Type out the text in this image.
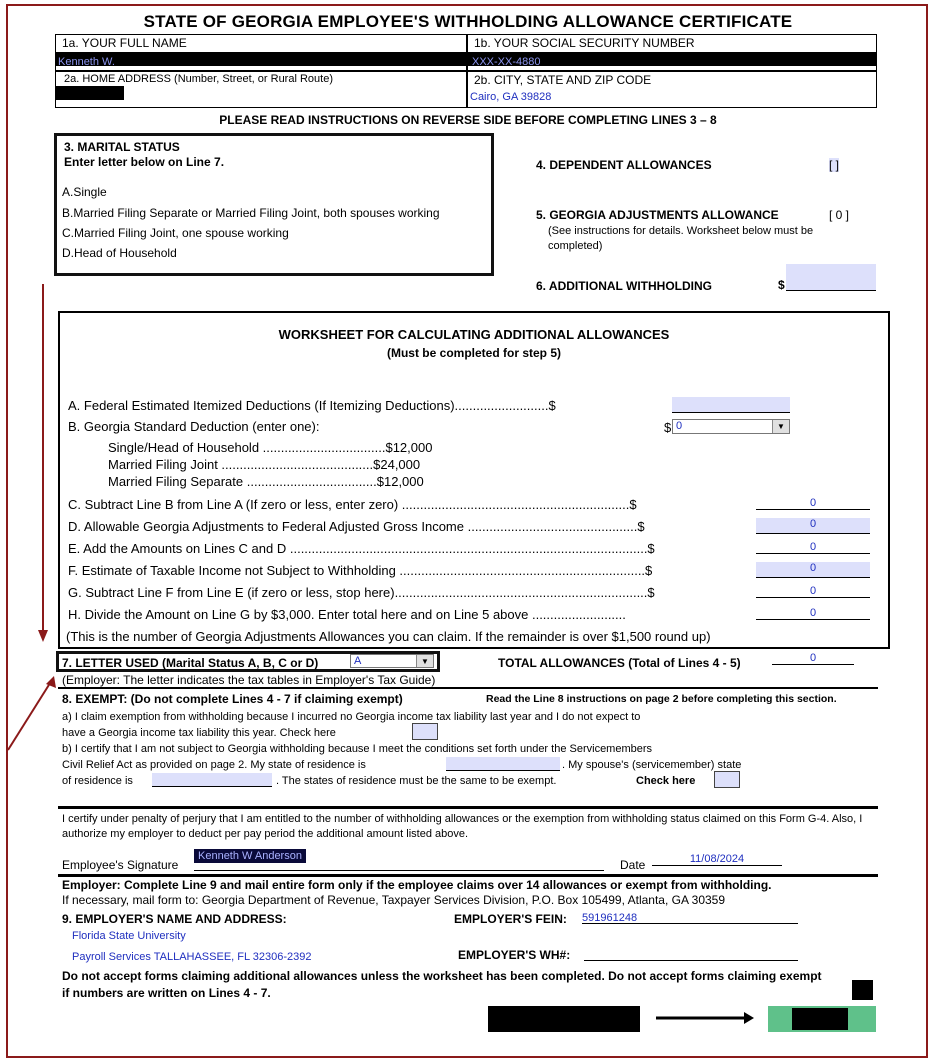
STATE OF GEORGIA EMPLOYEE'S WITHHOLDING ALLOWANCE CERTIFICATE
1a. YOUR FULL NAME
Kenneth W.
1b. YOUR SOCIAL SECURITY NUMBER
XXX-XX-4880
2a. HOME ADDRESS (Number, Street, or Rural Route)	2b. CITY, STATE AND ZIP CODE
Cairo, GA 39828
PLEASE READ INSTRUCTIONS ON REVERSE SIDE BEFORE COMPLETING LINES 3 – 8
3. MARITAL STATUS
Enter letter below on Line 7.
A.Single
B.Married Filing Separate or Married Filing Joint, both spouses working
C.Married Filing Joint, one spouse working
D.Head of Household
4. DEPENDENT ALLOWANCES	[ ]
5. GEORGIA ADJUSTMENTS ALLOWANCE	[ 0 ]
(See instructions for details. Worksheet below must be completed)
6. ADDITIONAL WITHHOLDING	$
WORKSHEET FOR CALCULATING ADDITIONAL ALLOWANCES
(Must be completed for step 5)
A. Federal Estimated Itemized Deductions (If Itemizing Deductions)..........................$
B. Georgia Standard Deduction (enter one):	$ 0	▼
Single/Head of Household ..................................$12,000
Married Filing Joint ..........................................$24,000
Married Filing Separate ....................................$12,000
C. Subtract Line B from Line A (If zero or less, enter zero) ...............................................................$	0
D. Allowable Georgia Adjustments to Federal Adjusted Gross Income ...............................................$	0
E. Add the Amounts on Lines C and D ...................................................................................................$	0
F. Estimate of Taxable Income not Subject to Withholding ....................................................................$	0
G. Subtract Line F from Line E (if zero or less, stop here)......................................................................$	0
H. Divide the Amount on Line G by $3,000. Enter total here and on Line 5 above ..........................	0
(This is the number of Georgia Adjustments Allowances you can claim. If the remainder is over $1,500 round up)
7. LETTER USED (Marital Status A, B, C or D)	A	▼
(Employer: The letter indicates the tax tables in Employer's Tax Guide)
TOTAL ALLOWANCES (Total of Lines 4 - 5)	0
8. EXEMPT: (Do not complete Lines 4 - 7 if claiming exempt)	Read the Line 8 instructions on page 2 before completing this section.
a) I claim exemption from withholding because I incurred no Georgia income tax liability last year and I do not expect to
have a Georgia income tax liability this year. Check here
b) I certify that I am not subject to Georgia withholding because I meet the conditions set forth under the Servicemembers
Civil Relief Act as provided on page 2. My state of residence is	. My spouse's (servicemember) state
of residence is	. The states of residence must be the same to be exempt.	Check here
I certify under penalty of perjury that I am entitled to the number of withholding allowances or the exemption from withholding status claimed on this Form G-4. Also, I authorize my employer to deduct per pay period the additional amount listed above.
Employee's Signature
Kenneth W Anderson
Date	11/08/2024
Employer: Complete Line 9 and mail entire form only if the employee claims over 14 allowances or exempt from withholding.
If necessary, mail form to: Georgia Department of Revenue, Taxpayer Services Division, P.O. Box 105499, Atlanta, GA 30359
9. EMPLOYER'S NAME AND ADDRESS:
Florida State University
Payroll Services TALLAHASSEE, FL 32306-2392
EMPLOYER'S FEIN: 591961248
EMPLOYER'S WH#:
Do not accept forms claiming additional allowances unless the worksheet has been completed. Do not accept forms claiming exempt if numbers are written on Lines 4 - 7.
